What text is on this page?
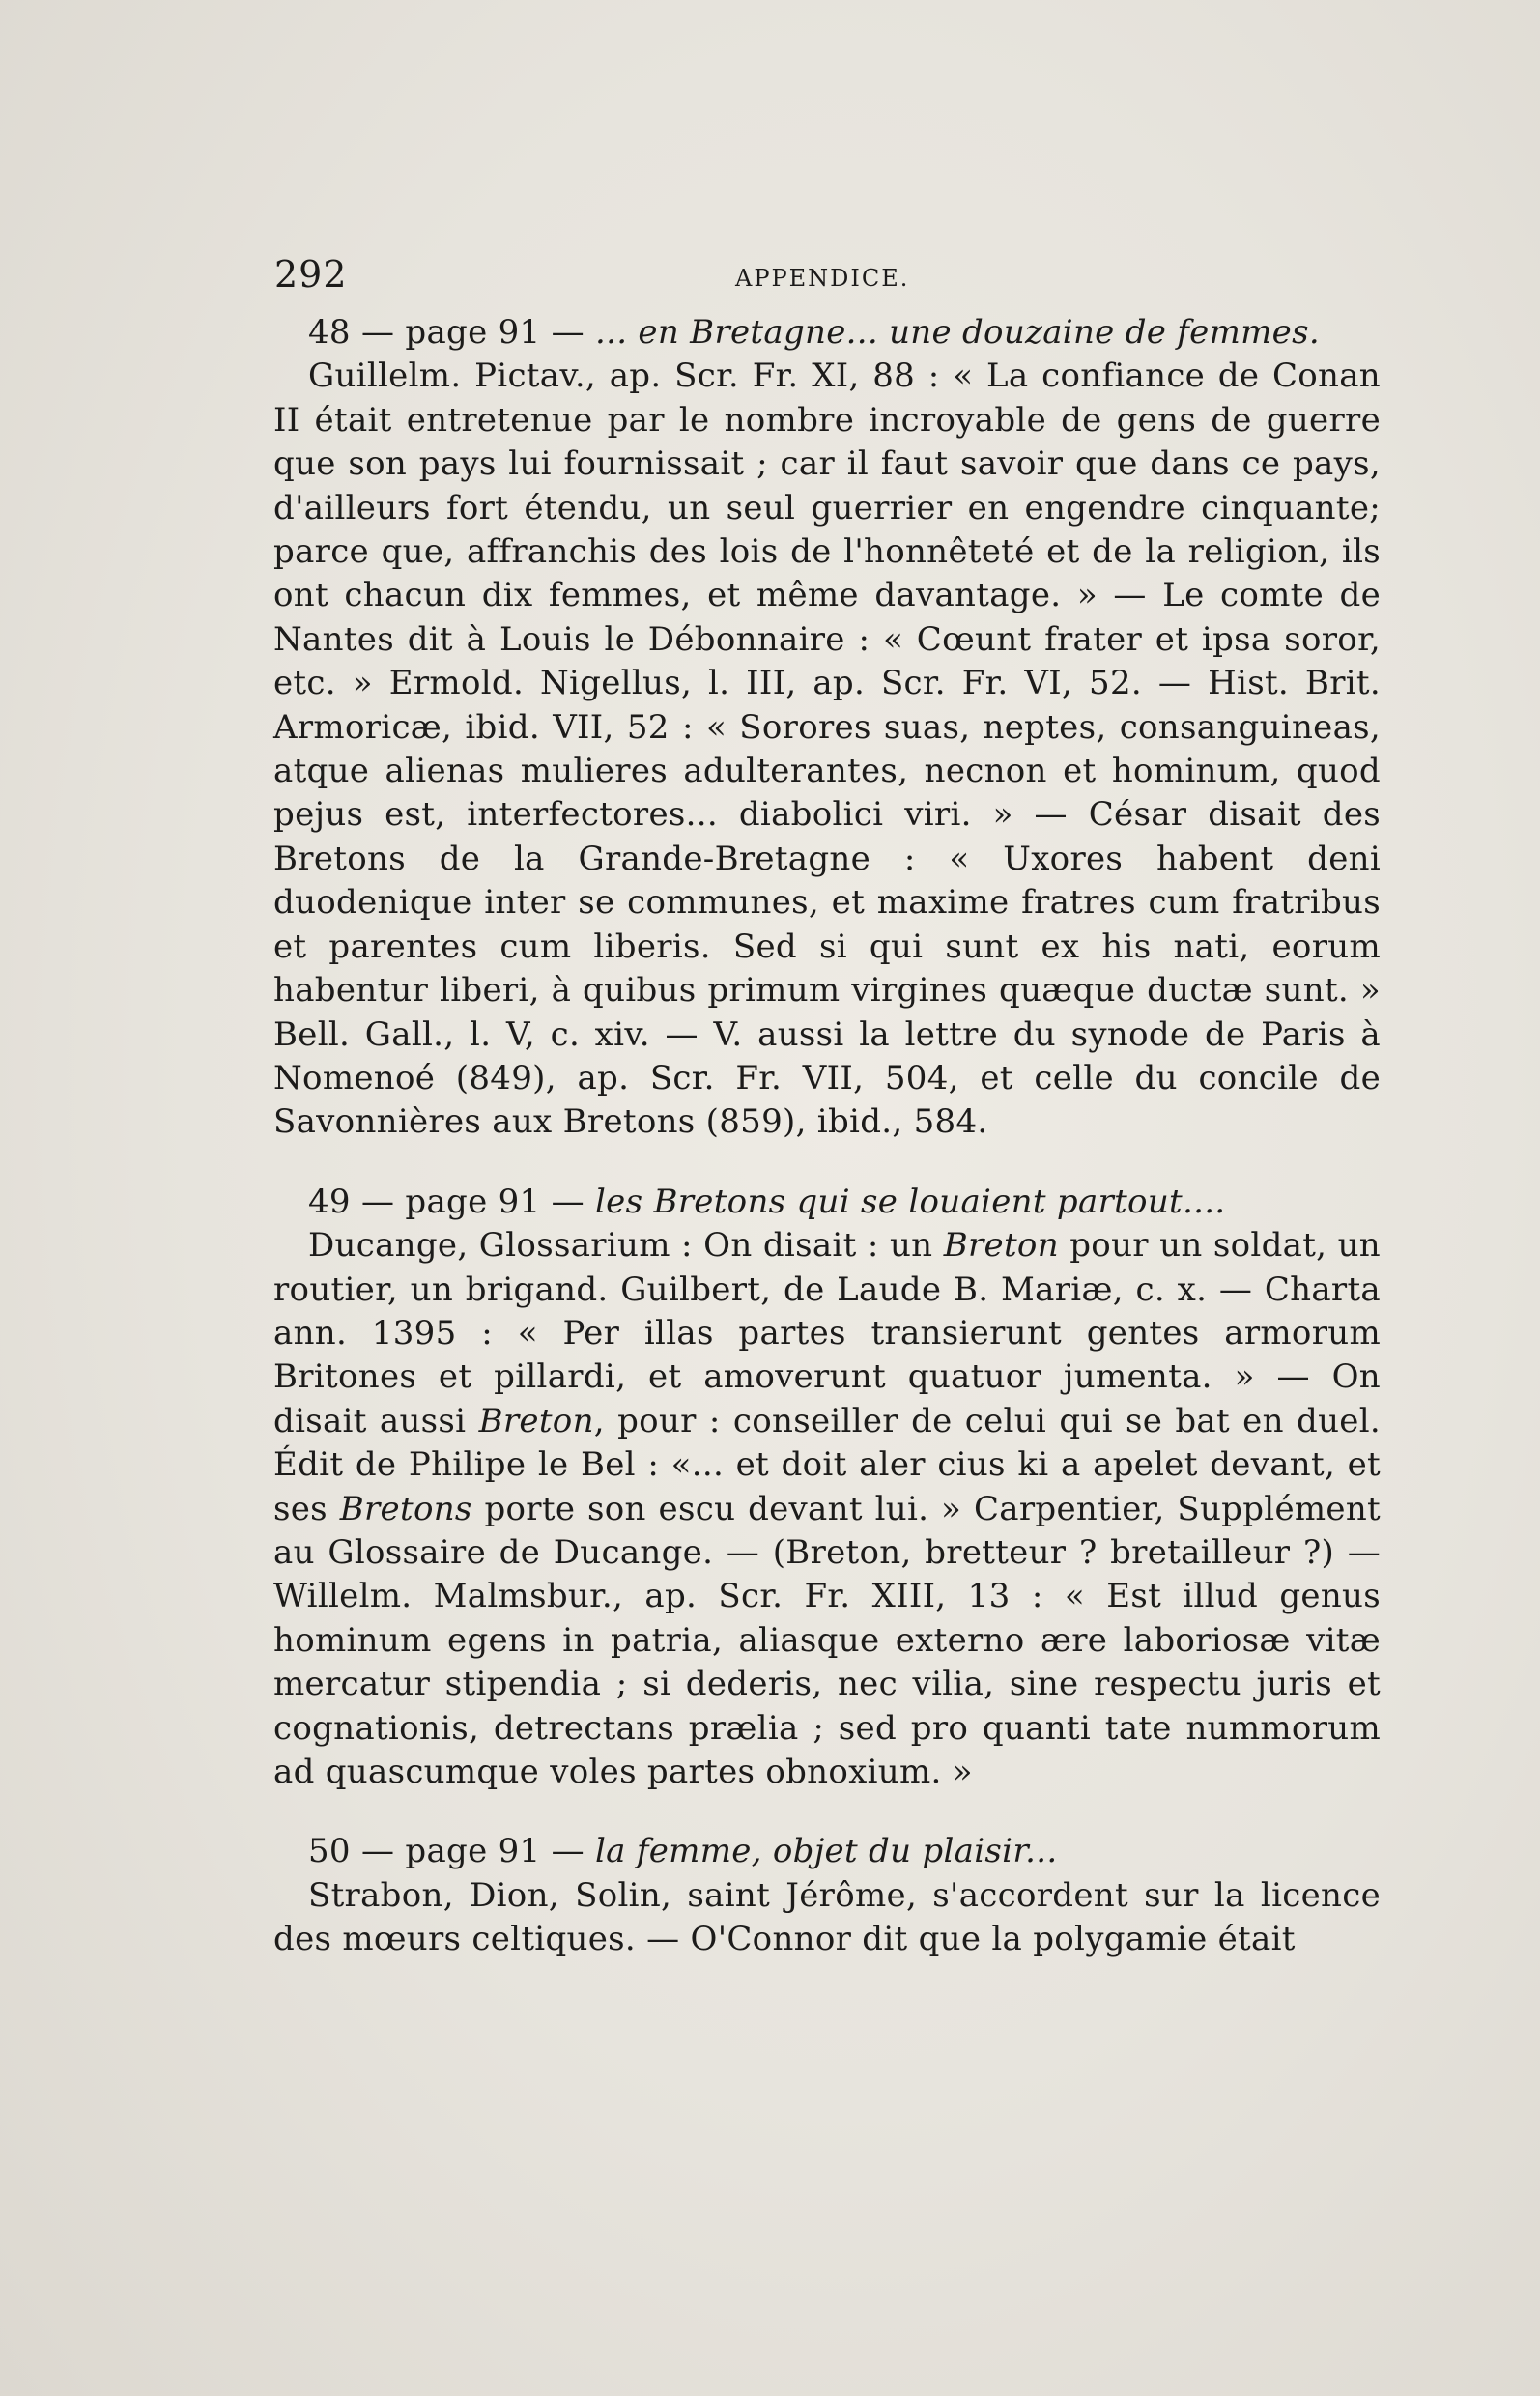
292	APPENDICE.

48 — page 91 — ... en Bretagne... une douzaine de femmes.

Guillelm. Pictav., ap. Scr. Fr. XI, 88 : « La confiance de Conan II était entretenue par le nombre incroyable de gens de guerre que son pays lui fournissait ; car il faut savoir que dans ce pays, d'ailleurs fort étendu, un seul guerrier en engendre cinquante; parce que, affranchis des lois de l'honnêteté et de la religion, ils ont chacun dix femmes, et même davantage. » — Le comte de Nantes dit à Louis le Débonnaire : « Cœunt frater et ipsa soror, etc. » Ermold. Nigellus, l. III, ap. Scr. Fr. VI, 52. — Hist. Brit. Armoricæ, ibid. VII, 52 : « Sorores suas, neptes, consanguineas, atque alienas mulieres adulterantes, necnon et hominum, quod pejus est, interfectores... diabolici viri. » — César disait des Bretons de la Grande-Bretagne : « Uxores habent deni duodenique inter se communes, et maxime fratres cum fratribus et parentes cum liberis. Sed si qui sunt ex his nati, eorum habentur liberi, à quibus primum virgines quæque ductæ sunt. » Bell. Gall., l. V, c. xiv. — V. aussi la lettre du synode de Paris à Nomenoé (849), ap. Scr. Fr. VII, 504, et celle du concile de Savonnières aux Bretons (859), ibid., 584.

49 — page 91 — les Bretons qui se louaient partout....

Ducange, Glossarium : On disait : un Breton pour un soldat, un routier, un brigand. Guilbert, de Laude B. Mariæ, c. x. — Charta ann. 1395 : « Per illas partes transierunt gentes armorum Britones et pillardi, et amoverunt quatuor jumenta. » — On disait aussi Breton, pour : conseiller de celui qui se bat en duel. Édit de Philipe le Bel : «... et doit aler cius ki a apelet devant, et ses Bretons porte son escu devant lui. » Carpentier, Supplément au Glossaire de Ducange. — (Breton, bretteur ? bretailleur ?) — Willelm. Malmsbur., ap. Scr. Fr. XIII, 13 : « Est illud genus hominum egens in patria, aliasque externo ære laboriosæ vitæ mercatur stipendia ; si dederis, nec vilia, sine respectu juris et cognationis, detrectans prælia ; sed pro quanti tate nummorum ad quascumque voles partes obnoxium. »

50 — page 91 — la femme, objet du plaisir...

Strabon, Dion, Solin, saint Jérôme, s'accordent sur la licence des mœurs celtiques. — O'Connor dit que la polygamie était
